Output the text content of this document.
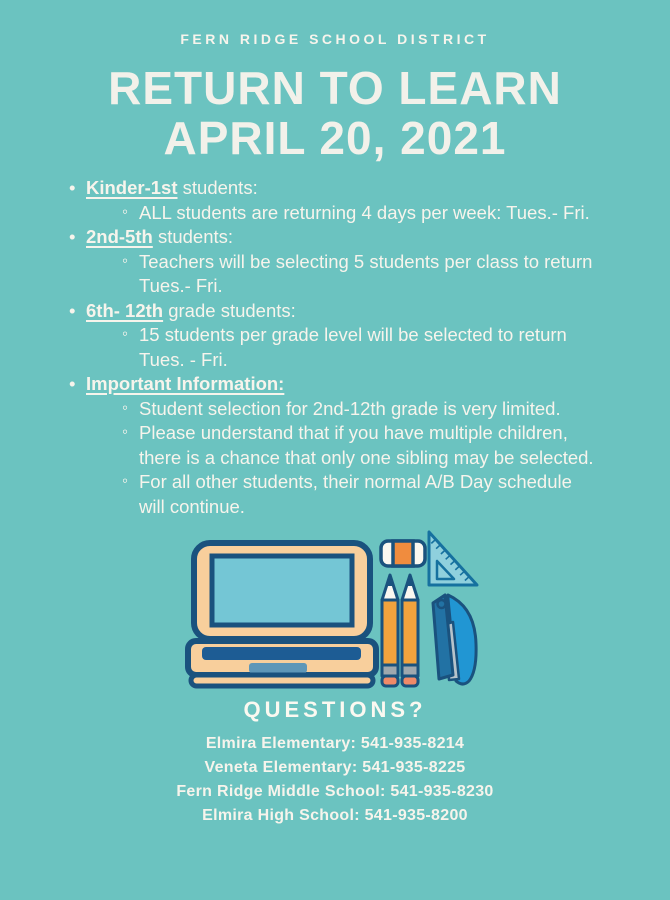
FERN RIDGE SCHOOL DISTRICT
RETURN TO LEARN
APRIL 20, 2021
• Kinder-1st students:
◦ ALL students are returning 4 days per week: Tues.- Fri.
• 2nd-5th students:
◦ Teachers will be selecting 5 students per class to return Tues.- Fri.
• 6th- 12th grade students:
◦ 15 students per grade level will be selected to return Tues. - Fri.
• Important Information:
◦ Student selection for 2nd-12th grade is very limited.
◦ Please understand that if you have multiple children, there is a chance that only one sibling may be selected.
◦ For all other students, their normal A/B Day schedule will continue.
QUESTIONS?
Elmira Elementary: 541-935-8214
Veneta Elementary: 541-935-8225
Fern Ridge Middle School: 541-935-8230
Elmira High School: 541-935-8200
